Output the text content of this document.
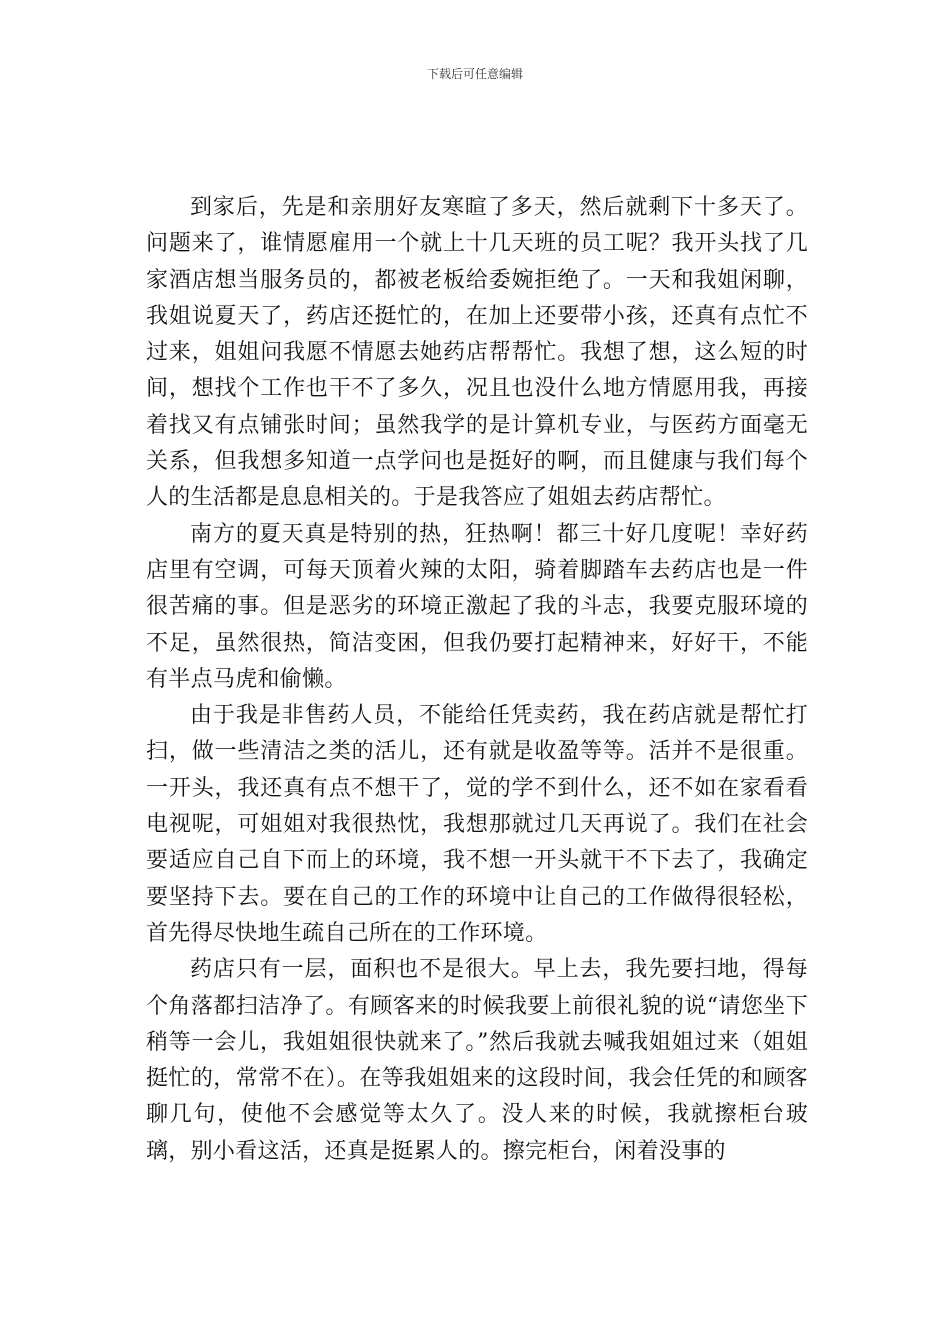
下载后可任意编辑

到家后，先是和亲朋好友寒暄了多天，然后就剩下十多天了。问题来了，谁情愿雇用一个就上十几天班的员工呢？我开头找了几家酒店想当服务员的，都被老板给委婉拒绝了。一天和我姐闲聊，我姐说夏天了，药店还挺忙的，在加上还要带小孩，还真有点忙不过来，姐姐问我愿不情愿去她药店帮帮忙。我想了想，这么短的时间，想找个工作也干不了多久，况且也没什么地方情愿用我，再接着找又有点铺张时间；虽然我学的是计算机专业，与医药方面毫无关系，但我想多知道一点学问也是挺好的啊，而且健康与我们每个人的生活都是息息相关的。于是我答应了姐姐去药店帮忙。

南方的夏天真是特别的热，狂热啊！都三十好几度呢！幸好药店里有空调，可每天顶着火辣的太阳，骑着脚踏车去药店也是一件很苦痛的事。但是恶劣的环境正激起了我的斗志，我要克服环境的不足，虽然很热，简洁变困，但我仍要打起精神来，好好干，不能有半点马虎和偷懒。

由于我是非售药人员，不能给任凭卖药，我在药店就是帮忙打扫，做一些清洁之类的活儿，还有就是收盈等等。活并不是很重。一开头，我还真有点不想干了，觉的学不到什么，还不如在家看看电视呢，可姐姐对我很热忱，我想那就过几天再说了。我们在社会要适应自己自下而上的环境，我不想一开头就干不下去了，我确定要坚持下去。要在自己的工作的环境中让自己的工作做得很轻松，首先得尽快地生疏自己所在的工作环境。

药店只有一层，面积也不是很大。早上去，我先要扫地，得每个角落都扫洁净了。有顾客来的时候我要上前很礼貌的说“请您坐下稍等一会儿，我姐姐很快就来了。”然后我就去喊我姐姐过来（姐姐挺忙的，常常不在）。在等我姐姐来的这段时间，我会任凭的和顾客聊几句，使他不会感觉等太久了。没人来的时候，我就擦柜台玻璃，别小看这活，还真是挺累人的。擦完柜台，闲着没事的
